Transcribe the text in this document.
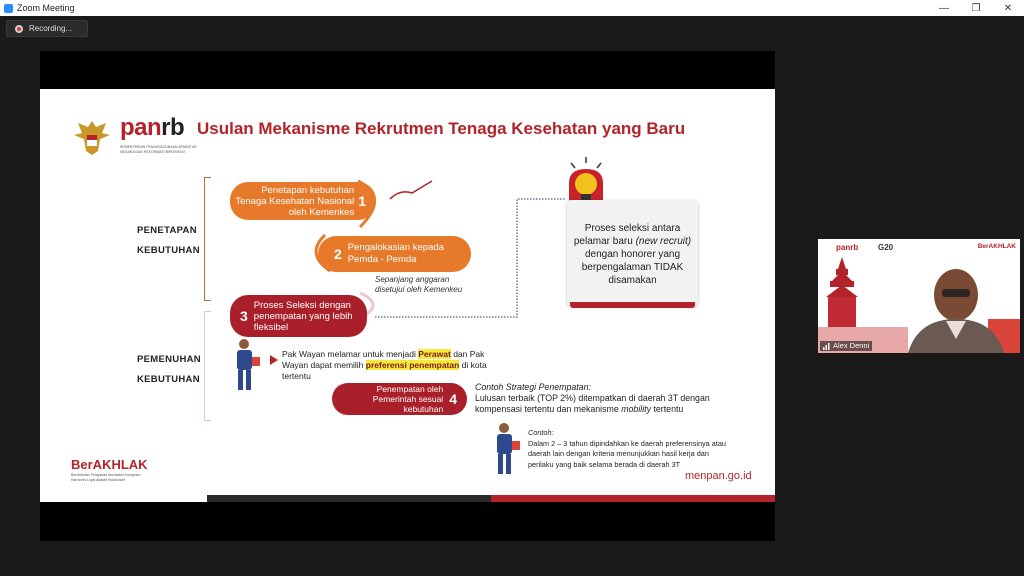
Zoom Meeting	—	❐	✕
Recording...
panrb
KEMENTERIAN PENDAYAGUNAAN APARATUR NEGARA DAN REFORMASI BIROKRASI
Usulan Mekanisme Rekrutmen Tenaga Kesehatan yang Baru
PENETAPAN
KEBUTUHAN
PEMENUHAN
KEBUTUHAN
Penetapan kebutuhan
Tenaga Kesehatan Nasional
oleh Kemenkes
1
2 Pengalokasian kepada
Pemda - Pemda
Sepanjang anggaran
disetujui oleh Kemenkeu
3
Proses Seleksi dengan
penempatan yang lebih
fleksibel
Penempatan oleh
Pemerintah sesuai
kebutuhan
4
Pak Wayan melamar untuk menjadi Perawat dan Pak Wayan dapat memilih preferensi penempatan di kota tertentu
Proses seleksi antara
pelamar baru (new recruit)
dengan honorer yang
berpengalaman TIDAK
disamakan
Contoh Strategi Penempatan:
Lulusan terbaik (TOP 2%) ditempatkan di daerah 3T dengan
kompensasi tertentu dan mekanisme mobility tertentu
Contoh:
Dalam 2 – 3 tahun dipindahkan ke daerah preferensinya atau
daerah lain dengan kriteria menunjukkan hasil kerja dan
perilaku yang baik selama berada di daerah 3T
BerAKHLAK
Berorientasi Pelayanan Akuntabel Kompeten Harmonis Loyal Adaptif Kolaboratif	menpan.go.id
panrb G20	BerAKHLAK
Alex Denni
